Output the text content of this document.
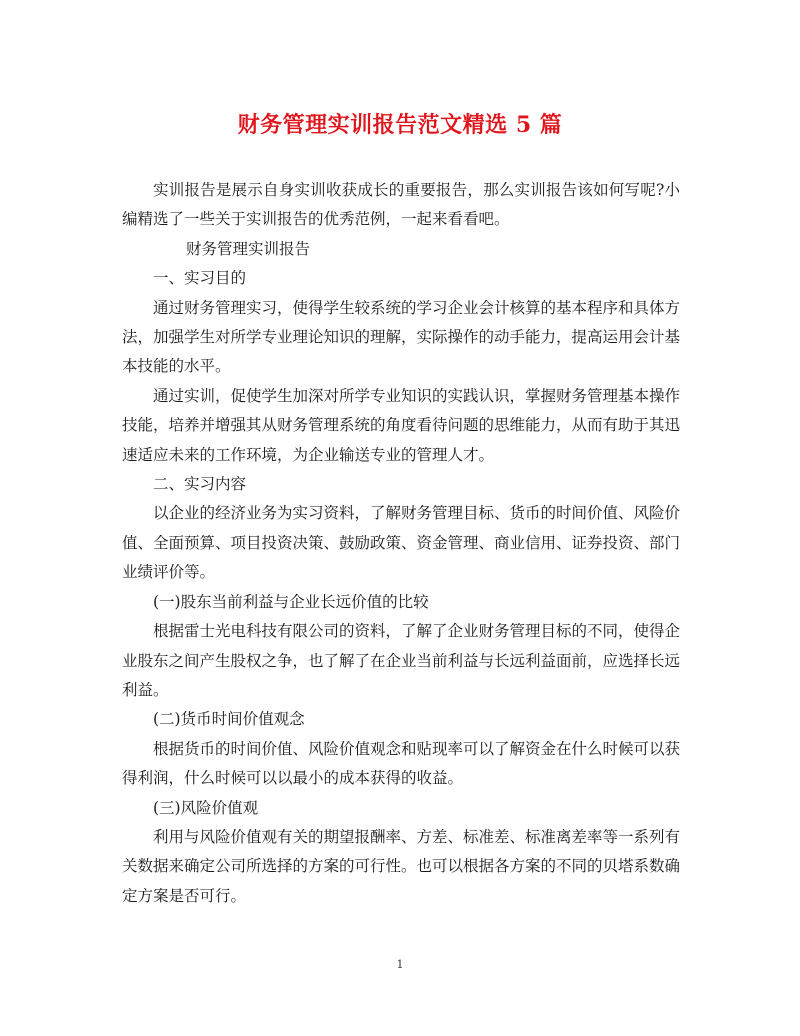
财务管理实训报告范文精选 5 篇

实训报告是展示自身实训收获成长的重要报告，那么实训报告该如何写呢?小编精选了一些关于实训报告的优秀范例，一起来看看吧。

财务管理实训报告

一、实习目的

通过财务管理实习，使得学生较系统的学习企业会计核算的基本程序和具体方法，加强学生对所学专业理论知识的理解，实际操作的动手能力，提高运用会计基本技能的水平。

通过实训，促使学生加深对所学专业知识的实践认识，掌握财务管理基本操作技能，培养并增强其从财务管理系统的角度看待问题的思维能力，从而有助于其迅速适应未来的工作环境，为企业输送专业的管理人才。

二、实习内容

以企业的经济业务为实习资料，了解财务管理目标、货币的时间价值、风险价值、全面预算、项目投资决策、鼓励政策、资金管理、商业信用、证券投资、部门业绩评价等。

(一)股东当前利益与企业长远价值的比较

根据雷士光电科技有限公司的资料，了解了企业财务管理目标的不同，使得企业股东之间产生股权之争，也了解了在企业当前利益与长远利益面前，应选择长远利益。

(二)货币时间价值观念

根据货币的时间价值、风险价值观念和贴现率可以了解资金在什么时候可以获得利润，什么时候可以以最小的成本获得的收益。

(三)风险价值观

利用与风险价值观有关的期望报酬率、方差、标准差、标准离差率等一系列有关数据来确定公司所选择的方案的可行性。也可以根据各方案的不同的贝塔系数确定方案是否可行。

1
